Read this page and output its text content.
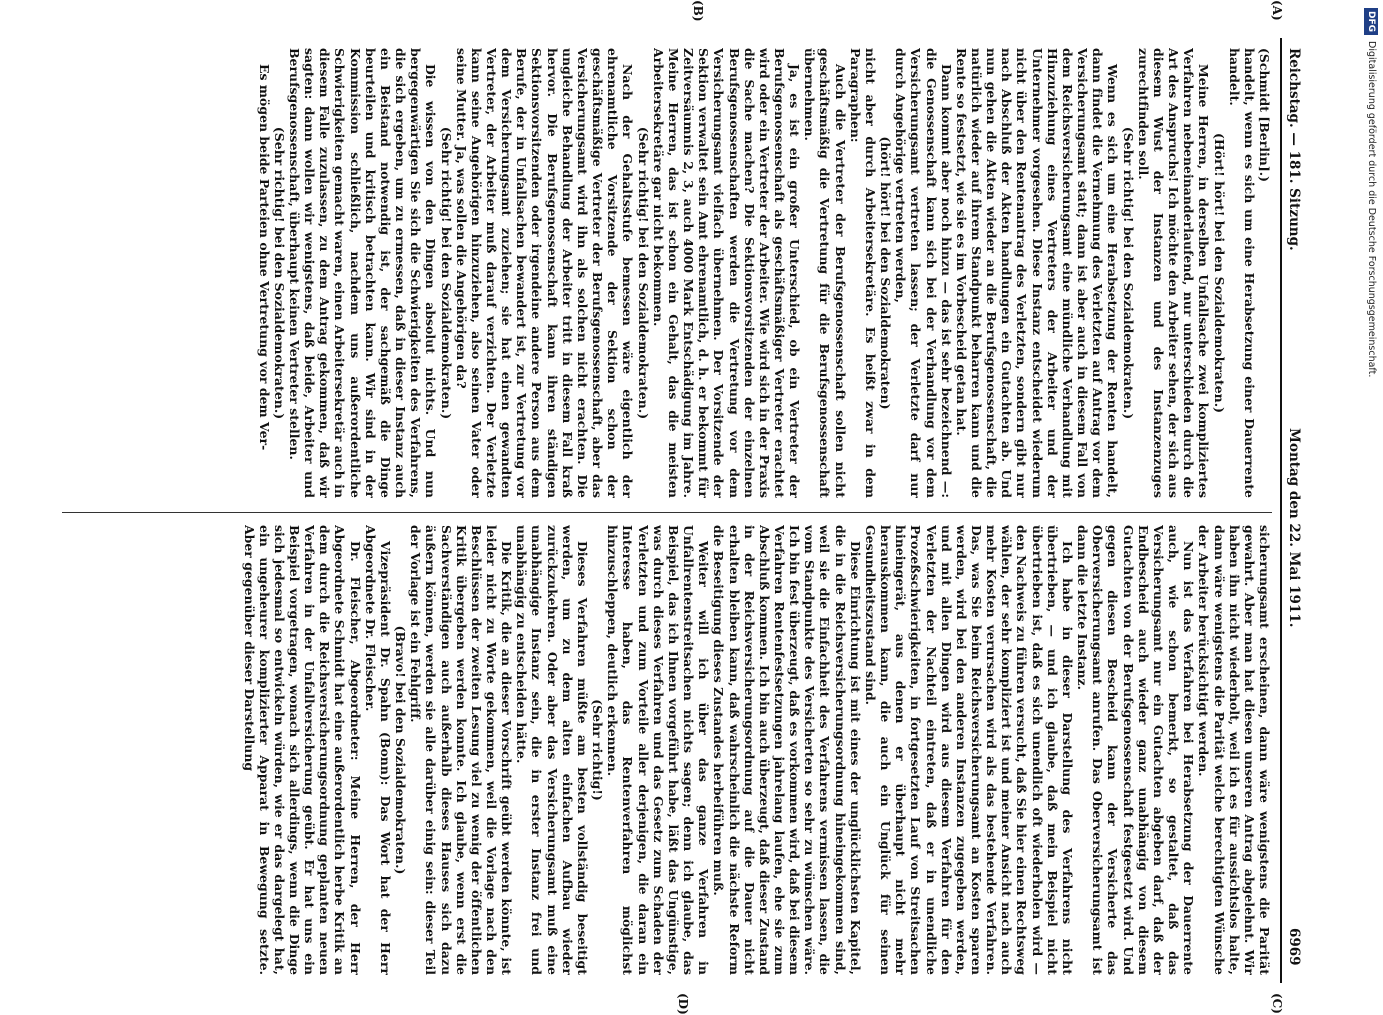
Reichstag. — 181. Sitzung.
Montag den 22. Mai 1911.
6969
(A)
(B)
(C)
(D)

(Schmidt [Berlin].)

handelt, wenn es sich um eine Herabsetzung einer Dauerrente handelt.

(Hört! hört! bei den Sozialdemokraten.)

Meine Herren, in derselben Unfallsache zwei kompliziertes Verfahren nebeneinanderlaufend, nur unterschieden durch die Art des Anspruchs! Ich möchte den Arbeiter sehen, der sich aus diesem Wust der Instanzen und des Instanzenzuges zurechtfinden soll.

(Sehr richtig! bei den Sozialdemokraten.)

Wenn es sich um eine Herabsetzung der Renten handelt, dann findet die Vernehmung des Verletzten auf Antrag vor dem Versicherungsamt statt; dann ist aber auch in diesem Fall von dem Reichsversicherungsamt eine mündliche Verhandlung mit Hinzuziehung eines Vertreters der Arbeiter und der Unternehmer vorgesehen. Diese Instanz entscheidet wiederum nicht über den Rentenantrag des Verletzten, sondern gibt nur nach Abschluß der Akten handlungen ein Gutachten ab. Und nun gehen die Akten wieder an die Berufsgenossenschaft, die natürlich wieder auf ihrem Standpunkt beharren kann und die Rente so festsetzt, wie sie es im Vorbescheid getan hat.

Dann kommt aber noch hinzu — das ist sehr bezeichnend —: die Genossenschaft kann sich bei der Verhandlung vor dem Versicherungsamt vertreten lassen; der Verletzte darf nur durch Angehörige vertreten werden,

(hört! hört! bei den Sozialdemokraten)

nicht aber durch Arbeitersekretäre. Es heißt zwar in dem Paragraphen:

Auch die Vertreter der Berufsgenossenschaft sollen nicht geschäftsmäßig die Vertretung für die Berufsgenossenschaft übernehmen.

Ja, es ist ein großer Unterschied, ob ein Vertreter der Berufsgenossenschaft als geschäftsmäßiger Vertreter erachtet wird oder ein Vertreter der Arbeiter. Wie wird sich in der Praxis die Sache machen? Die Sektionsvorsitzenden der einzelnen Berufsgenossenschaften werden die Vertretung vor dem Versicherungsamt vielfach übernehmen. Der Vorsitzende der Sektion verwaltet sein Amt ehrenamtlich, d. h. er bekommt für Zeitversäumnis 2, 3, auch 4000 Mark Entschädigung im Jahre. Meine Herren, das ist schon ein Gehalt, das die meisten Arbeitersekretäre gar nicht bekommen.

(Sehr richtig! bei den Sozialdemokraten.)

Nach der Gehaltsstufe bemessen wäre eigentlich der ehrenamtliche Vorsitzende der Sektion schon der geschäftsmäßige Vertreter der Berufsgenossenschaft, aber das Versicherungsamt wird ihn als solchen nicht erachten. Die ungleiche Behandlung der Arbeiter tritt in diesem Fall kraß hervor. Die Berufsgenossenschaft kann ihren ständigen Sektionsvorsitzenden oder irgendeine andere Person aus dem Berufe, der in Unfallsachen bewandert ist, zur Vertretung vor dem Versicherungsamt zuziehen; sie hat einen gewandten Vertreter, der Arbeiter muß darauf verzichten. Der Verletzte kann seine Angehörigen hinzuziehen, also seinen Vater oder seine Mutter. Ja, was sollen die Angehörigen da?

(Sehr richtig! bei den Sozialdemokraten.)

Die wissen von den Dingen absolut nichts. Und nun bergegenwärtigen Sie sich die Schwierigkeiten des Verfahrens, die sich ergeben, um zu ermessen, daß in dieser Instanz auch ein Beistand notwendig ist, der sachgemäß die Dinge beurteilen und kritisch betrachten kann. Wir sind in der Kommission schließlich, nachdem uns außerordentliche Schwierigkeiten gemacht waren, einen Arbeitersekretär auch in diesem Falle zuzulassen, zu dem Antrag gekommen, daß wir sagten: dann wollen wir wenigstens, daß beide, Arbeiter und Berufsgenossenschaft, überhaupt keinen Vertreter stellen.

(Sehr richtig! bei den Sozialdemokraten.)

Es mögen beide Parteien ohne Vertretung vor dem Ver-

sicherungsamt erscheinen, dann wäre wenigstens die Parität gewahrt. Aber man hat diesen unseren Antrag abgelehnt. Wir haben ihn nicht wiederholt, weil ich es für aussichtslos halte, dann wäre wenigstens die Parität welche berechtigten Wünsche der Arbeiter berücksichtigt werden.

Nun ist das Verfahren bei Herabsetzung der Dauerrente auch, wie schon bemerkt, so gestaltet, daß das Versicherungsamt nur ein Gutachten abgeben darf, daß der Endbescheid auch wieder ganz unabhängig von diesem Gutachten von der Berufsgenossenschaft festgesetzt wird. Und gegen diesen Bescheid kann der Versicherte das Oberversicherungsamt anrufen. Das Oberversicherungsamt ist dann die letzte Instanz.

Ich habe in dieser Darstellung des Verfahrens nicht übertrieben, — und ich glaube, daß mein Beispiel nicht übertrieben ist, daß es sich unendlich oft wiederholen wird — den Nachweis zu führen versucht, daß Sie hier einen Rechtsweg wählen, der sehr kompliziert ist und meiner Ansicht nach auch mehr Kosten verursachen wird als das bestehende Verfahren. Das, was Sie beim Reichsversicherungsamt an Kosten sparen werden, wird bei den anderen Instanzen zugegeben werden, und mit allen Dingen wird aus diesem Verfahren für den Verletzten der Nachteil eintreten, daß er in unendliche Prozeßschwierigkeiten, in fortgesetzten Lauf von Streitsachen hineingerät, aus denen er überhaupt nicht mehr herauskommen kann, die auch ein Unglück für seinen Gesundheitszustand sind.

Diese Einrichtung ist mit eines der unglücklichsten Kapitel, die in die Reichsversicherungsordnung hineingekommen sind, weil sie die Einfachheit des Verfahrens vermissen lassen, die vom Standpunkte des Versicherten so sehr zu wünschen wäre. Ich bin fest überzeugt, daß es vorkommen wird, daß bei diesem Verfahren Rentenfestsetzungen jahrelang laufen, ehe sie zum Abschluß kommen. Ich bin auch überzeugt, daß dieser Zustand in der Reichsversicherungsordnung auf die Dauer nicht erhalten bleiben kann, daß wahrscheinlich die nächste Reform die Beseitigung dieses Zustandes herbeiführen muß.

Weiter will ich über das ganze Verfahren in Unfallrentenstreitsachen nichts sagen; denn ich glaube, das Beispiel, das ich Ihnen vorgeführt habe, läßt das Ungünstige, was durch dieses Verfahren und das Gesetz zum Schaden der Verletzten und zum Vorteile aller derjenigen, die daran ein Interesse haben, das Rentenverfahren möglichst hinzuschleppen, deutlich erkennen.

(Sehr richtig!)

Dieses Verfahren müßte am besten vollständig beseitigt werden, um zu dem alten einfachen Aufbau wieder zurückzukehren. Oder aber das Versicherungsamt muß eine unabhängige Instanz sein, die in erster Instanz frei und unabhängig zu entscheiden hätte.

Die Kritik, die an dieser Vorschrift geübt werden könnte, ist leider nicht zu Worte gekommen, weil die Vorlage nach den Beschlüssen der zweiten Lesung viel zu wenig der öffentlichen Kritik übergeben werden konnte. Ich glaube, wenn erst die Sachverständigen auch außerhalb dieses Hauses sich dazu äußern können, werden sie alle darüber einig sein: dieser Teil der Vorlage ist ein Fehlgriff.

(Bravo! bei den Sozialdemokraten.)

Vizepräsident Dr. Spahn (Bonn): Das Wort hat der Herr Abgeordnete Dr. Fleischer.

Dr. Fleischer, Abgeordneter: Meine Herren, der Herr Abgeordnete Schmidt hat eine außerordentlich herbe Kritik an dem durch die Reichsversicherungsordnung geplanten neuen Verfahren in der Unfallversicherung geübt. Er hat uns ein Beispiel vorgetragen, wonach sich allerdings, wenn die Dinge sich jedesmal so entwickeln würden, wie er das dargelegt hat, ein ungeheurer komplizierter Apparat in Bewegung setzte. Aber gegenüber dieser Darstellung

DFGDigitalisierung gefördert durch die Deutsche Forschungsgemeinschaft.
